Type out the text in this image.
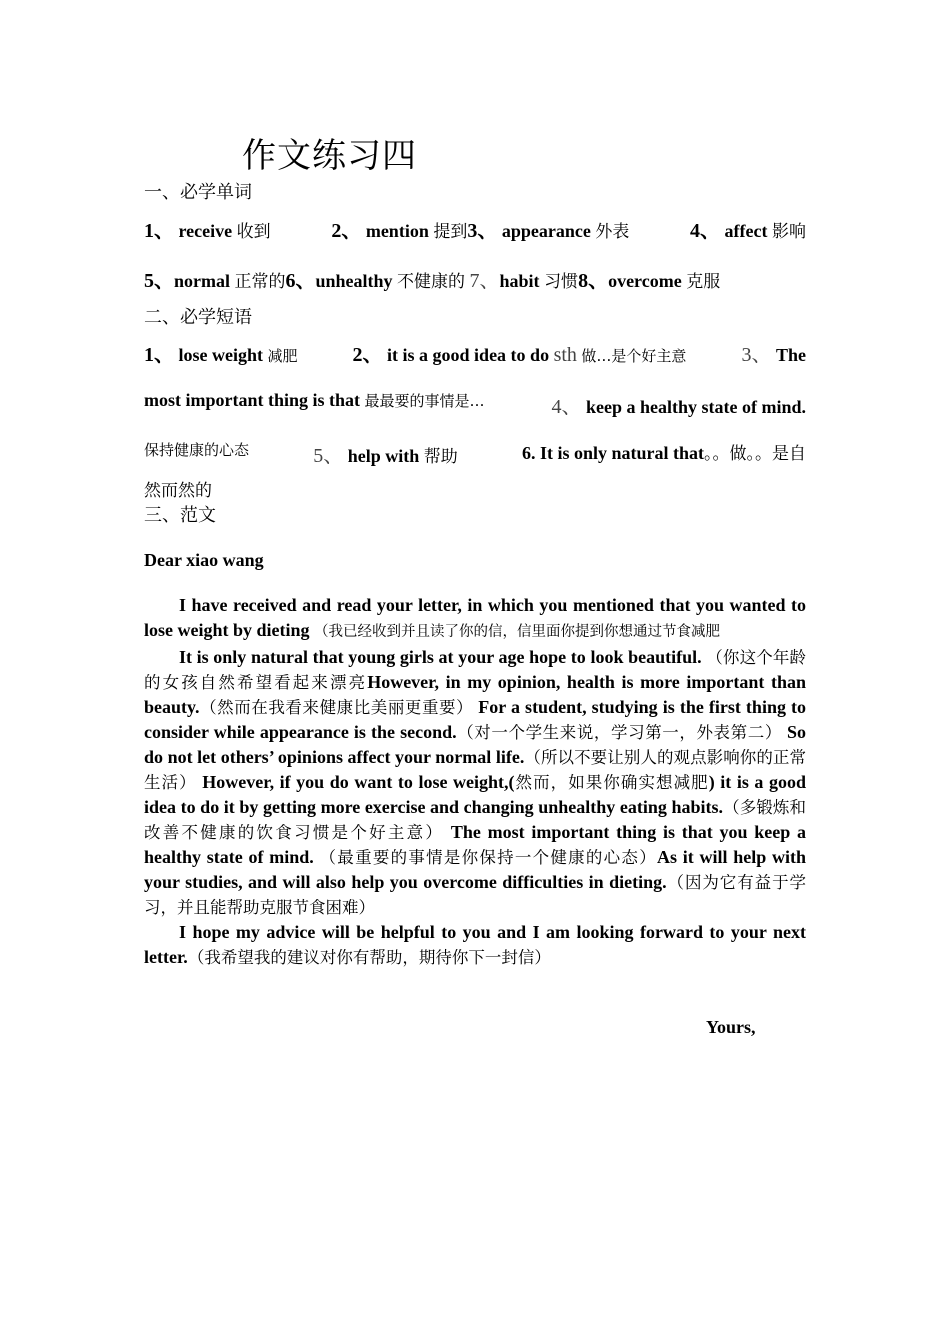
作文练习四
一、必学单词
1、 receive 收到	2、 mention 提到3、 appearance 外表	4、 affect 影响
5、normal 正常的6、unhealthy 不健康的 7、habit 习惯8、overcome 克服
二、必学短语
1、 lose weight 减肥	2、 it is a good idea to do sth 做…是个好主意	3、 The
most important thing is that 最最要的事情是…	4、 keep a healthy state of mind.
保持健康的心态	5、 help with 帮助	6. It is only natural that。。做。。是自
然而然的
三、范文
Dear xiao wang
I have received and read your letter, in which you mentioned that you wanted to lose weight by dieting （我已经收到并且读了你的信，信里面你提到你想通过节食减肥
It is only natural that young girls at your age hope to look beautiful. （你这个年龄的女孩自然希望看起来漂亮However, in my opinion, health is more important than beauty.（然而在我看来健康比美丽更重要） For a student, studying is the first thing to consider while appearance is the second.（对一个学生来说，学习第一，外表第二） So do not let others’ opinions affect your normal life.（所以不要让别人的观点影响你的正常生活） However, if you do want to lose weight,(然而，如果你确实想减肥) it is a good idea to do it by getting more exercise and changing unhealthy eating habits.（多锻炼和改善不健康的饮食习惯是个好主意） The most important thing is that you keep a healthy state of mind. （最重要的事情是你保持一个健康的心态）As it will help with your studies, and will also help you overcome difficulties in dieting.（因为它有益于学习，并且能帮助克服节食困难）
I hope my advice will be helpful to you and I am looking forward to your next letter.（我希望我的建议对你有帮助，期待你下一封信）
Yours,
